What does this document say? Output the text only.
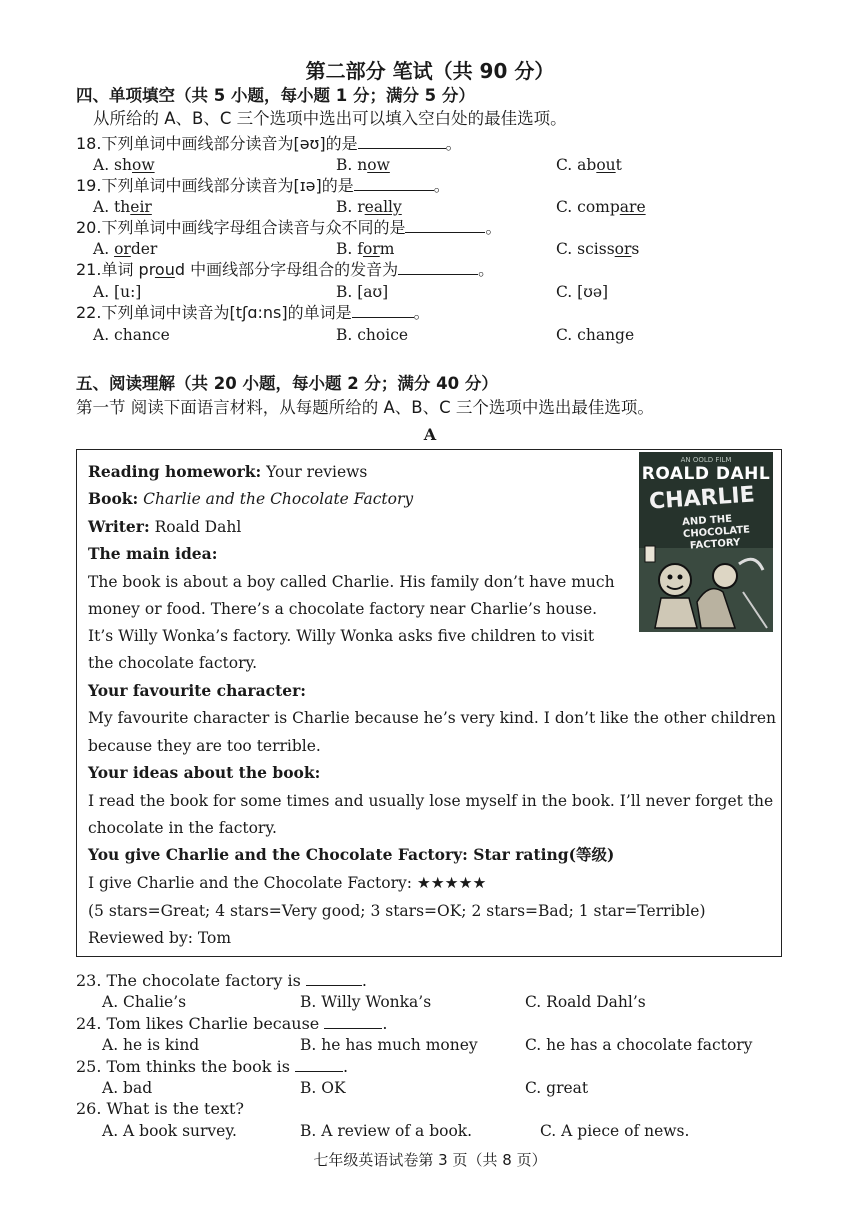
第二部分 笔试（共 90 分）
四、单项填空（共 5 小题，每小题 1 分；满分 5 分）
从所给的 A、B、C 三个选项中选出可以填入空白处的最佳选项。
18.下列单词中画线部分读音为[əʊ]的是	。
A. show	B. now	C. about
19.下列单词中画线部分读音为[ɪə]的是	。
A. their	B. really	C. compare
20.下列单词中画线字母组合读音与众不同的是	。
A. order	B. form	C. scissors
21.单词 proud 中画线部分字母组合的发音为	。
A. [u:]	B. [aʊ]	C. [ʊə]
22.下列单词中读音为[tʃɑ:ns]的单词是	。
A. chance	B. choice	C. change
五、阅读理解（共 20 小题，每小题 2 分；满分 40 分）
第一节 阅读下面语言材料，从每题所给的 A、B、C 三个选项中选出最佳选项。
A
Reading homework: Your reviews
Book: Charlie and the Chocolate Factory
Writer: Roald Dahl
The main idea:
The book is about a boy called Charlie. His family don’t have much
money or food. There’s a chocolate factory near Charlie’s house.
It’s Willy Wonka’s factory. Willy Wonka asks five children to visit
the chocolate factory.
Your favourite character:
My favourite character is Charlie because he’s very kind. I don’t like the other children
because they are too terrible.
Your ideas about the book:
I read the book for some times and usually lose myself in the book. I’ll never forget the
chocolate in the factory.
You give Charlie and the Chocolate Factory: Star rating(等级)
I give Charlie and the Chocolate Factory: ★★★★★
(5 stars=Great; 4 stars=Very good; 3 stars=OK; 2 stars=Bad; 1 star=Terrible)
Reviewed by: Tom
AN OOLD FILM
ROALD DAHL
CHARLIE
AND THE CHOCOLATE
FACTORY
23. The chocolate factory is	.
A. Chalie’s	B. Willy Wonka’s	C. Roald Dahl’s
24. Tom likes Charlie because	.
A. he is kind	B. he has much money	C. he has a chocolate factory
25. Tom thinks the book is	.
A. bad	B. OK	C. great
26. What is the text?
A. A book survey.	B. A review of a book.	C. A piece of news.
七年级英语试卷第 3 页（共 8 页）
